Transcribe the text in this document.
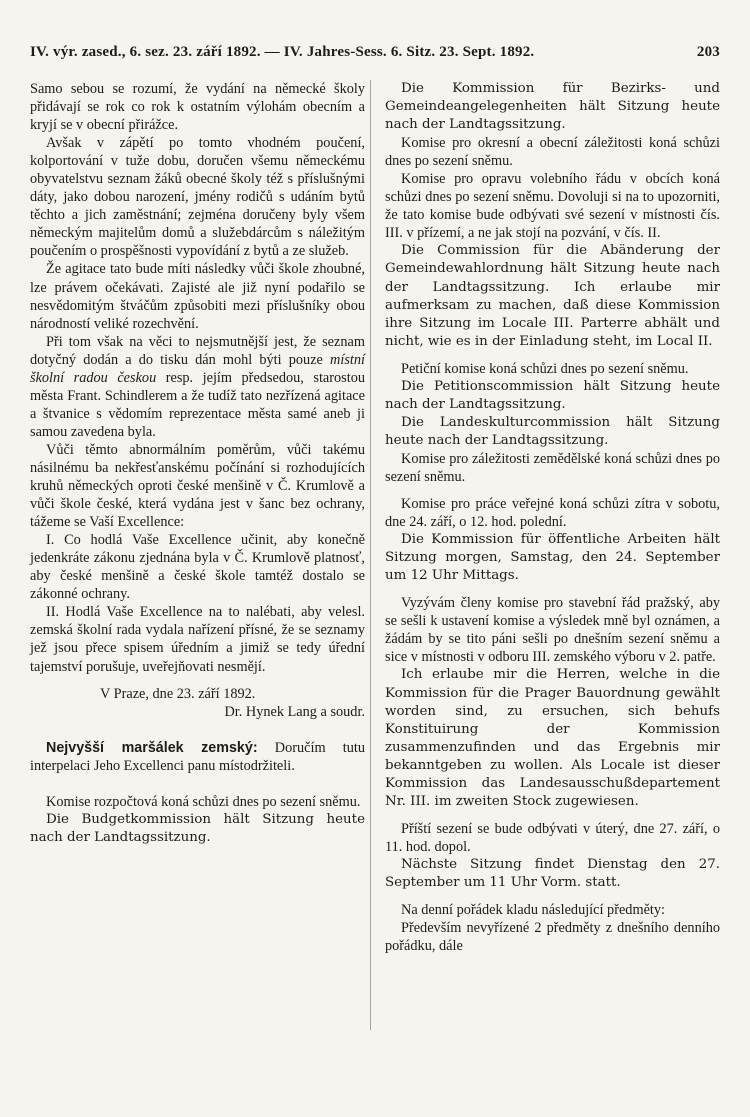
IV. výr. zased., 6. sez. 23. září 1892. — IV. Jahres-Sess. 6. Sitz. 23. Sept. 1892.	203

Samo sebou se rozumí, že vydání na německé školy přidávají se rok co rok k ostatním výlohám obecním a kryjí se v obecní přirážce.

Avšak v zápětí po tomto vhodném poučení, kolportování v tuže dobu, doručen všemu německému obyvatelstvu seznam žáků obecné školy též s příslušnými dáty, jako dobou narození, jmény rodičů s udáním bytů těchto a jich zaměstnání; zejména doručeny byly všem německým majitelům domů a služebdárcům s náležitým poučením o prospěšnosti vypovídání z bytů a ze služeb.

Že agitace tato bude míti následky vůči škole zhoubné, lze právem očekávati. Zajisté ale již nyní podařilo se nesvědomitým štváčům způsobiti mezi příslušníky obou národností veliké rozechvění.

Při tom však na věci to nejsmutnější jest, že seznam dotyčný dodán a do tisku dán mohl býti pouze místní školní radou českou resp. jejím předsedou, starostou města Frant. Schindlerem a že tudíž tato nezřízená agitace a štvanice s vědomím reprezentace města samé aneb ji samou zavedena byla.

Vůči těmto abnormálním poměrům, vůči takému násilnému ba nekřesťanskému počínání si rozhodujících kruhů německých oproti české menšině v Č. Krumlově a vůči škole české, která vydána jest v šanc bez ochrany, tážeme se Vaší Excellence:

I. Co hodlá Vaše Excellence učinit, aby konečně jedenkráte zákonu zjednána byla v Č. Krumlově platnosť, aby české menšině a české škole tamtéž dostalo se zákonné ochrany.

II. Hodlá Vaše Excellence na to nalébati, aby velesl. zemská školní rada vydala nařízení přísné, že se seznamy jež jsou přece spisem úředním a jimiž se tedy úřední tajemství porušuje, uveřejňovati nesmějí.

V Praze, dne 23. září 1892.

Dr. Hynek Lang a soudr.

Nejvyšší maršálek zemský: Doručím tutu interpelaci Jeho Excellenci panu místodržiteli.

Komise rozpočtová koná schůzi dnes po sezení sněmu.

Die Budgetkommission hält Sitzung heute nach der Landtagssitzung.

Die Kommission für Bezirks- und Gemeindeangelegenheiten hält Sitzung heute nach der Landtagssitzung.

Komise pro okresní a obecní záležitosti koná schůzi dnes po sezení sněmu.

Komise pro opravu volebního řádu v obcích koná schůzi dnes po sezení sněmu. Dovoluji si na to upozorniti, že tato komise bude odbývati své sezení v místnosti čís. III. v přízemí, a ne jak stojí na pozvání, v čís. II.

Die Commission für die Abänderung der Gemeindewahlordnung hält Sitzung heute nach der Landtagssitzung. Ich erlaube mir aufmerksam zu machen, daß diese Kommission ihre Sitzung im Locale III. Parterre abhält und nicht, wie es in der Einladung steht, im Local II.

Petiční komise koná schůzi dnes po sezení sněmu.

Die Petitionscommission hält Sitzung heute nach der Landtagssitzung.

Die Landeskulturcommission hält Sitzung heute nach der Landtagssitzung.

Komise pro záležitosti zemědělské koná schůzi dnes po sezení sněmu.

Komise pro práce veřejné koná schůzi zítra v sobotu, dne 24. září, o 12. hod. polední.

Die Kommission für öffentliche Arbeiten hält Sitzung morgen, Samstag, den 24. September um 12 Uhr Mittags.

Vyzývám členy komise pro stavební řád pražský, aby se sešli k ustavení komise a výsledek mně byl oznámen, a žádám by se tito páni sešli po dnešním sezení sněmu a sice v místnosti v odboru III. zemského výboru v 2. patře.

Ich erlaube mir die Herren, welche in die Kommission für die Prager Bauordnung gewählt worden sind, zu ersuchen, sich behufs Konstituirung der Kommission zusammenzufinden und das Ergebnis mir bekanntgeben zu wollen. Als Locale ist dieser Kommission das Landesausschußdepartement Nr. III. im zweiten Stock zugewiesen.

Příští sezení se bude odbývati v úterý, dne 27. září, o 11. hod. dopol.

Nächste Sitzung findet Dienstag den 27. September um 11 Uhr Vorm. statt.

Na denní pořádek kladu následující předměty:

Především nevyřízené 2 předměty z dnešního denního pořádku, dále
